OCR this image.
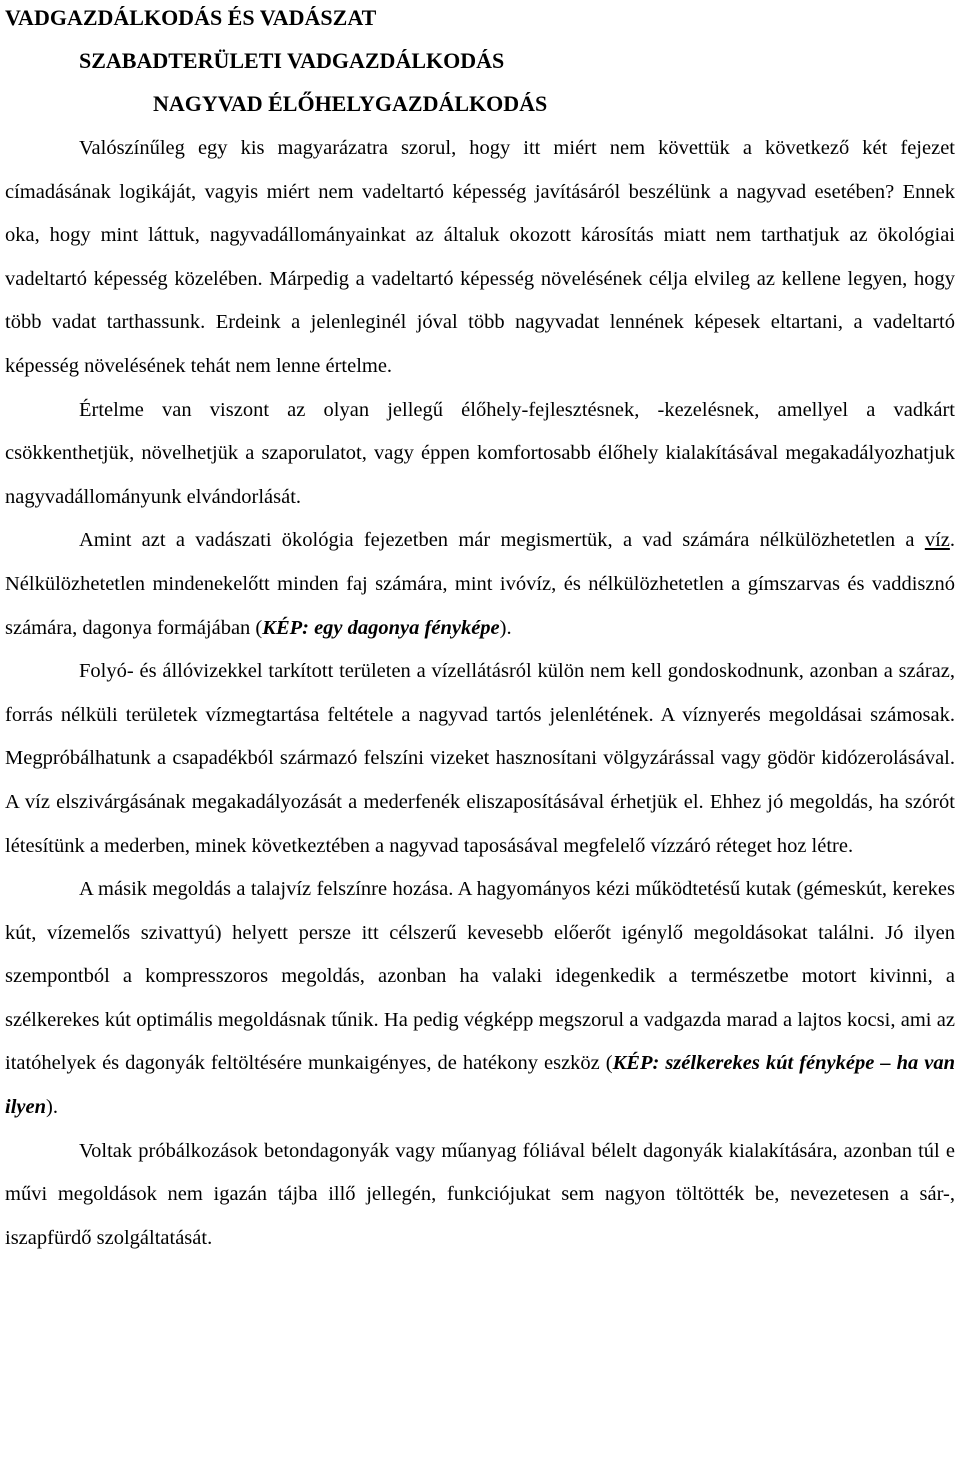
VADGAZDÁLKODÁS ÉS VADÁSZAT
SZABADTERÜLETI VADGAZDÁLKODÁS
NAGYVAD ÉLŐHELYGAZDÁLKODÁS

Valószínűleg egy kis magyarázatra szorul, hogy itt miért nem követtük a következő két fejezet címadásának logikáját, vagyis miért nem vadeltartó képesség javításáról beszélünk a nagyvad esetében? Ennek oka, hogy mint láttuk, nagyvadállományainkat az általuk okozott károsítás miatt nem tarthatjuk az ökológiai vadeltartó képesség közelében. Márpedig a vadeltartó képesség növelésének célja elvileg az kellene legyen, hogy több vadat tarthassunk. Erdeink a jelenleginél jóval több nagyvadat lennének képesek eltartani, a vadeltartó képesség növelésének tehát nem lenne értelme.

Értelme van viszont az olyan jellegű élőhely-fejlesztésnek, -kezelésnek, amellyel a vadkárt csökkenthetjük, növelhetjük a szaporulatot, vagy éppen komfortosabb élőhely kialakításával megakadályozhatjuk nagyvadállományunk elvándorlását.

Amint azt a vadászati ökológia fejezetben már megismertük, a vad számára nélkülözhetetlen a víz. Nélkülözhetetlen mindenekelőtt minden faj számára, mint ivóvíz, és nélkülözhetetlen a gímszarvas és vaddisznó számára, dagonya formájában (KÉP: egy dagonya fényképe).

Folyó- és állóvizekkel tarkított területen a vízellátásról külön nem kell gondoskodnunk, azonban a száraz, forrás nélküli területek vízmegtartása feltétele a nagyvad tartós jelenlétének. A víznyerés megoldásai számosak. Megpróbálhatunk a csapadékból származó felszíni vizeket hasznosítani völgyzárással vagy gödör kidózerolásával. A víz elszivárgásának megakadályozását a mederfenék eliszaposításával érhetjük el. Ehhez jó megoldás, ha szórót létesítünk a mederben, minek következtében a nagyvad taposásával megfelelő vízzáró réteget hoz létre.

A másik megoldás a talajvíz felszínre hozása. A hagyományos kézi működtetésű kutak (gémeskút, kerekes kút, vízemelős szivattyú) helyett persze itt célszerű kevesebb előerőt igénylő megoldásokat találni. Jó ilyen szempontból a kompresszoros megoldás, azonban ha valaki idegenkedik a természetbe motort kivinni, a szélkerekes kút optimális megoldásnak tűnik. Ha pedig végképp megszorul a vadgazda marad a lajtos kocsi, ami az itatóhelyek és dagonyák feltöltésére munkaigényes, de hatékony eszköz (KÉP: szélkerekes kút fényképe – ha van ilyen).

Voltak próbálkozások betondagonyák vagy műanyag fóliával bélelt dagonyák kialakítására, azonban túl e művi megoldások nem igazán tájba illő jellegén, funkciójukat sem nagyon töltötték be, nevezetesen a sár-, iszapfürdő szolgáltatását.
